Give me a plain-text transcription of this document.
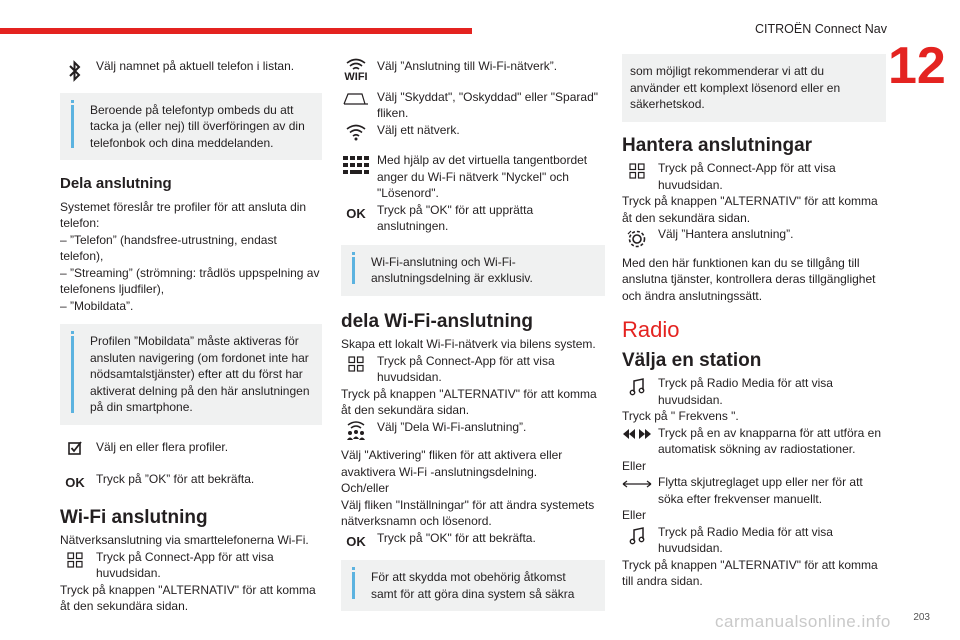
CITROËN Connect Nav
12

Välj namnet på aktuell telefon i listan.

Beroende på telefontyp ombeds du att tacka ja (eller nej) till överföringen av din telefonbok och dina meddelanden.

Dela anslutning

Systemet föreslår tre profiler för att ansluta din telefon:

– ”Telefon” (handsfree-utrustning, endast telefon),

– ”Streaming” (strömning: trådlös uppspelning av telefonens ljudfiler),

– ”Mobildata”.

Profilen ”Mobildata” måste aktiveras för ansluten navigering (om fordonet inte har nödsamtalstjänster) efter att du först har aktiverat delning på den här anslutningen på din smartphone.

Välj en eller flera profiler.

OK Tryck på ”OK” för att bekräfta.

Wi-Fi anslutning

Nätverksanslutning via smarttelefonerna Wi-Fi.

Tryck på Connect-App för att visa huvudsidan.

Tryck på knappen "ALTERNATIV" för att komma åt den sekundära sidan.

WIFI

Välj ”Anslutning till Wi-Fi-nätverk”.

Välj "Skyddat", "Oskyddad" eller "Sparad" fliken.

Välj ett nätverk.

Med hjälp av det virtuella tangentbordet anger du Wi-Fi nätverk "Nyckel" och "Lösenord".

OK Tryck på "OK" för att upprätta anslutningen.

Wi-Fi-anslutning och Wi-Fi-anslutningsdelning är exklusiv.

dela Wi-Fi-anslutning

Skapa ett lokalt Wi-Fi-nätverk via bilens system.

Tryck på Connect-App för att visa huvudsidan.

Tryck på knappen "ALTERNATIV" för att komma åt den sekundära sidan.

Välj ”Dela Wi-Fi-anslutning”.

Välj "Aktivering" fliken för att aktivera eller avaktivera Wi-Fi -anslutningsdelning.

Och/eller

Välj fliken "Inställningar" för att ändra systemets nätverksnamn och lösenord.

OK Tryck på "OK" för att bekräfta.

För att skydda mot obehörig åtkomst samt för att göra dina system så säkra

som möjligt rekommenderar vi att du använder ett komplext lösenord eller en säkerhetskod.

Hantera anslutningar

Tryck på Connect-App för att visa huvudsidan.

Tryck på knappen "ALTERNATIV" för att komma åt den sekundära sidan.

Välj ”Hantera anslutning”.

Med den här funktionen kan du se tillgång till anslutna tjänster, kontrollera deras tillgänglighet och ändra anslutningssätt.

Radio
Välja en station

Tryck på Radio Media för att visa huvudsidan.

Tryck på " Frekvens ".

Tryck på en av knapparna för att utföra en automatisk sökning av radiostationer.

Eller

Flytta skjutreglaget upp eller ner för att söka efter frekvenser manuellt.

Eller

Tryck på Radio Media för att visa huvudsidan.

Tryck på knappen "ALTERNATIV" för att komma till andra sidan.

carmanualsonline.info 203
